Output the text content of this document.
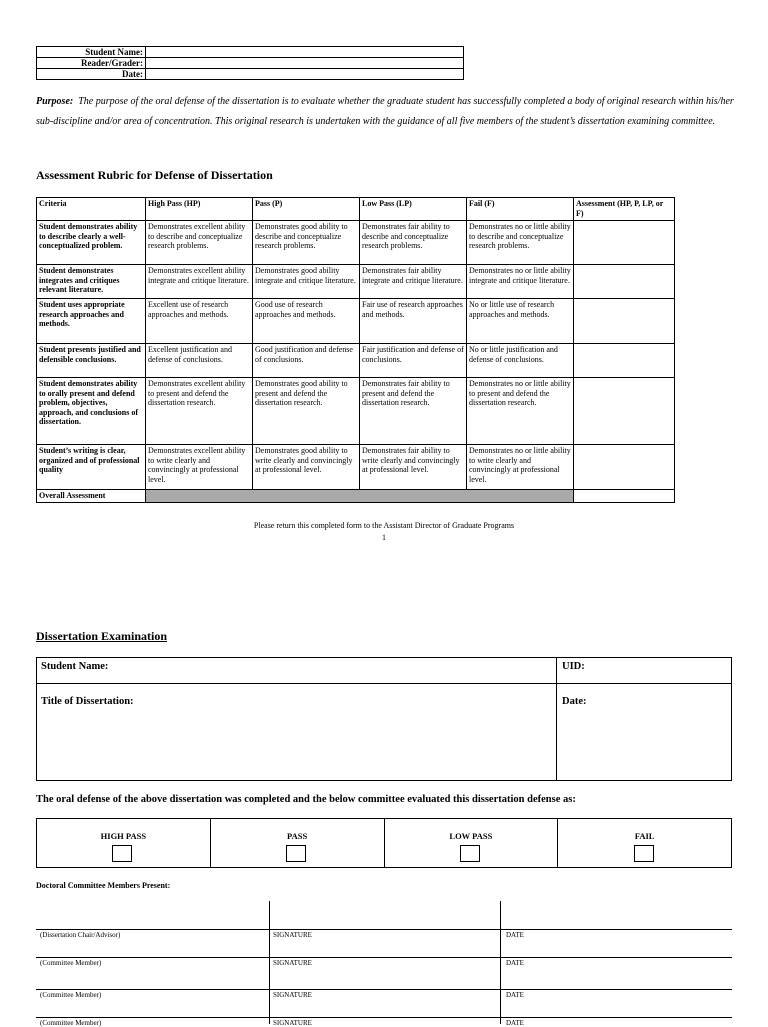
Student Name:	
Reader/Grader:	
Date:	
Purpose: The purpose of the oral defense of the dissertation is to evaluate whether the graduate student has successfully completed a body of original research within his/her sub-discipline and/or area of concentration. This original research is undertaken with the guidance of all five members of the student’s dissertation examining committee.
Assessment Rubric for Defense of Dissertation
Criteria	High Pass (HP)	Pass (P)	Low Pass (LP)	Fail (F)	Assessment (HP, P, LP, or F)
Student demonstrates ability to describe clearly a well-conceptualized problem.	Demonstrates excellent ability to describe and conceptualize research problems.	Demonstrates good ability to describe and conceptualize research problems.	Demonstrates fair ability to describe and conceptualize research problems.	Demonstrates no or little ability to describe and conceptualize research problems.	
Student demonstrates integrates and critiques relevant literature.	Demonstrates excellent ability integrate and critique literature.	Demonstrates good ability integrate and critique literature.	Demonstrates fair ability integrate and critique literature.	Demonstrates no or little ability integrate and critique literature.	
Student uses appropriate research approaches and methods.	Excellent use of research approaches and methods.	Good use of research approaches and methods.	Fair use of research approaches and methods.	No or little use of research approaches and methods.	
Student presents justified and defensible conclusions.	Excellent justification and defense of conclusions.	Good justification and defense of conclusions.	Fair justification and defense of conclusions.	No or little justification and defense of conclusions.	
Student demonstrates ability to orally present and defend problem, objectives, approach, and conclusions of dissertation.	Demonstrates excellent ability to present and defend the dissertation research.	Demonstrates good ability to present and defend the dissertation research.	Demonstrates fair ability to present and defend the dissertation research.	Demonstrates no or little ability to present and defend the dissertation research.	
Student’s writing is clear, organized and of professional quality	Demonstrates excellent ability to write clearly and convincingly at professional level.	Demonstrates good ability to write clearly and convincingly at professional level.	Demonstrates fair ability to write clearly and convincingly at professional level.	Demonstrates no or little ability to write clearly and convincingly at professional level.	
Overall Assessment					
Please return this completed form to the Assistant Director of Graduate Programs
1
Dissertation Examination
Student Name:	UID:
Title of Dissertation:	Date:
The oral defense of the above dissertation was completed and the below committee evaluated this dissertation defense as:
HIGH PASS	PASS	LOW PASS	FAIL
Doctoral Committee Members Present:
(Dissertation Chair/Advisor)	SIGNATURE	DATE
(Committee Member)	SIGNATURE	DATE
(Committee Member)	SIGNATURE	DATE
(Committee Member)	SIGNATURE	DATE
